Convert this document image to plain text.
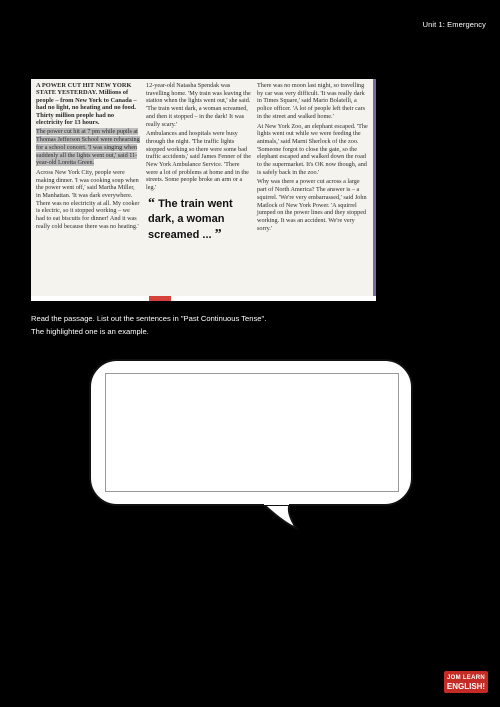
Unit 1: Emergency

A POWER CUT HIT NEW YORK STATE YESTERDAY. Millions of people – from New York to Canada – had no light, no heating and no food. Thirty million people had no electricity for 13 hours.

The power cut hit at 7 pm while pupils at Thomas Jefferson School were rehearsing for a school concert. 'I was singing when suddenly all the lights went out,' said 11-year-old Loretta Green.

Across New York City, people were making dinner. 'I was cooking soup when the power went off,' said Martha Miller, in Manhattan. 'It was dark everywhere. There was no electricity at all. My cooker is electric, so it stopped working – we had to eat biscuits for dinner! And it was really cold because there was no heating.'

12-year-old Natasha Spendak was travelling home. 'My train was leaving the station when the lights went out,' she said. 'The train went dark, a woman screamed, and then it stopped – in the dark! It was really scary.'

Ambulances and hospitals were busy through the night. 'The traffic lights stopped working so there were some bad traffic accidents,' said James Fenner of the New York Ambulance Service. 'There were a lot of problems at home and in the streets. Some people broke an arm or a leg.'

“ The train went dark, a woman screamed ... ”

There was no moon last night, so travelling by car was very difficult. 'It was really dark in Times Square,' said Mario Bolatelli, a police officer. 'A lot of people left their cars in the street and walked home.'

At New York Zoo, an elephant escaped. 'The lights went out while we were feeding the animals,' said Marni Sherlock of the zoo. 'Someone forgot to close the gate, so the elephant escaped and walked down the road to the supermarket. It's OK now though, and is safely back in the zoo.'

Why was there a power cut across a large part of North America? The answer is – a squirrel. 'We're very embarrassed,' said John Matlock of New York Power. 'A squirrel jumped on the power lines and they stopped working. It was an accident. We're very sorry.'

Read the passage. List out the sentences in "Past Continuous Tense".
The highlighted one is an example.
JOM LEARN
ENGLISH!
